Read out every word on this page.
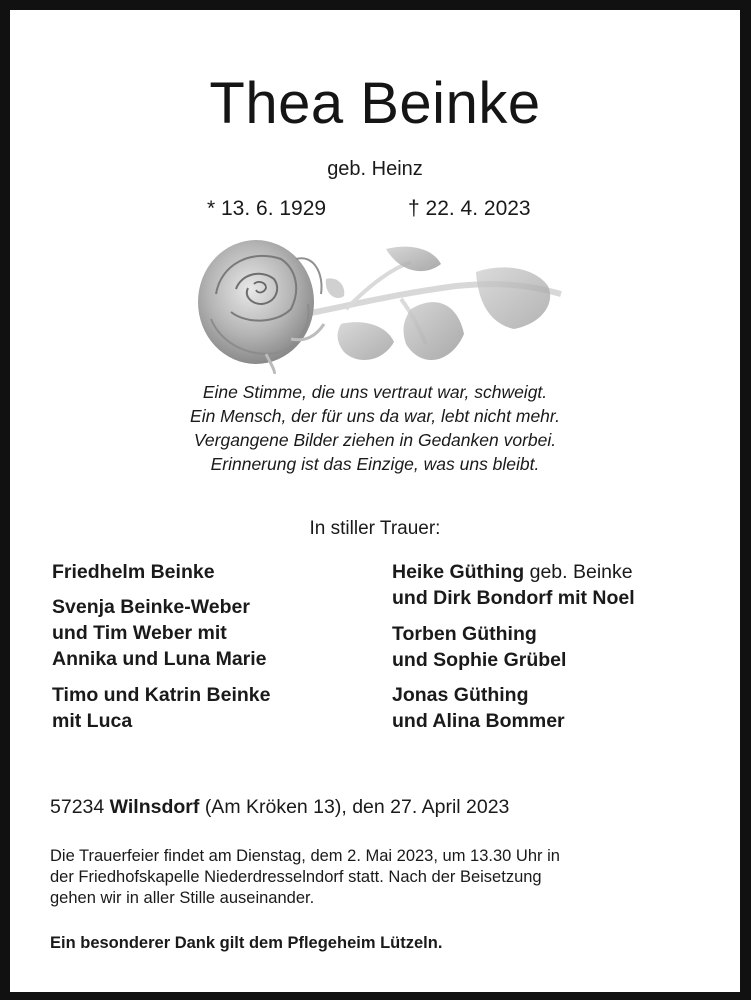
Thea Beinke
geb. Heinz
* 13. 6. 1929	† 22. 4. 2023
Eine Stimme, die uns vertraut war, schweigt.
Ein Mensch, der für uns da war, lebt nicht mehr.
Vergangene Bilder ziehen in Gedanken vorbei.
Erinnerung ist das Einzige, was uns bleibt.
In stiller Trauer:
Friedhelm Beinke
Svenja Beinke-Weber
und Tim Weber mit
Annika und Luna Marie
Timo und Katrin Beinke
mit Luca
Heike Güthing geb. Beinke
und Dirk Bondorf mit Noel
Torben Güthing
und Sophie Grübel
Jonas Güthing
und Alina Bommer
57234 Wilnsdorf (Am Kröken 13), den 27. April 2023
Die Trauerfeier findet am Dienstag, dem 2. Mai 2023, um 13.30 Uhr in
der Friedhofskapelle Niederdresselndorf statt. Nach der Beisetzung
gehen wir in aller Stille auseinander.
Ein besonderer Dank gilt dem Pflegeheim Lützeln.
